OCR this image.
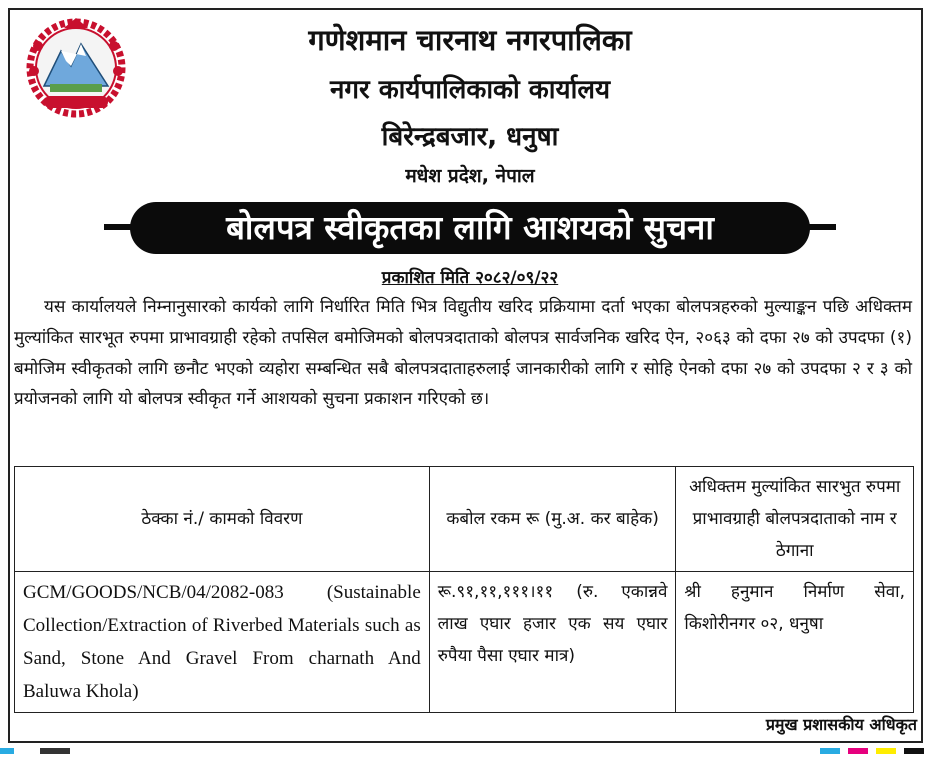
गणेशमान चारनाथ नगरपालिका
नगर कार्यपालिकाको कार्यालय
बिरेन्द्रबजार, धनुषा
मधेश प्रदेश, नेपाल
बोलपत्र स्वीकृतका लागि आशयको सुचना
प्रकाशित मिति २०८२/०९/२२
यस कार्यालयले निम्नानुसारको कार्यको लागि निर्धारित मिति भित्र विद्युतीय खरिद प्रक्रियामा दर्ता भएका बोलपत्रहरुको मुल्याङ्कन पछि अधिक्तम मुल्यांकित सारभूत रुपमा प्राभावग्राही रहेको तपसिल बमोजिमको बोलपत्रदाताको बोलपत्र सार्वजनिक खरिद ऐन, २०६३ को दफा २७ को उपदफा (१) बमोजिम स्वीकृतको लागि छनौट भएको व्यहोरा सम्बन्धित सबै बोलपत्रदाताहरुलाई जानकारीको लागि र सोहि ऐनको दफा २७ को उपदफा २ र ३ को प्रयोजनको लागि यो बोलपत्र स्वीकृत गर्ने आशयको सुचना प्रकाशन गरिएको छ।
ठेक्का नं./ कामको विवरण	कबोल रकम रू (मु.अ. कर बाहेक)	अधिक्तम मुल्यांकित सारभुत रुपमा प्राभावग्राही बोलपत्रदाताको नाम र ठेगाना
GCM/GOODS/NCB/04/2082-083 (Sustainable Collection/Extraction of Riverbed Materials such as Sand, Stone And Gravel From charnath And Baluwa Khola)	रू.९१,११,१११।११ (रु. एकान्नवे लाख एघार हजार एक सय एघार रुपैया पैसा एघार मात्र)	श्री हनुमान निर्माण सेवा, किशोरीनगर ०२, धनुषा
प्रमुख प्रशासकीय अधिकृत
